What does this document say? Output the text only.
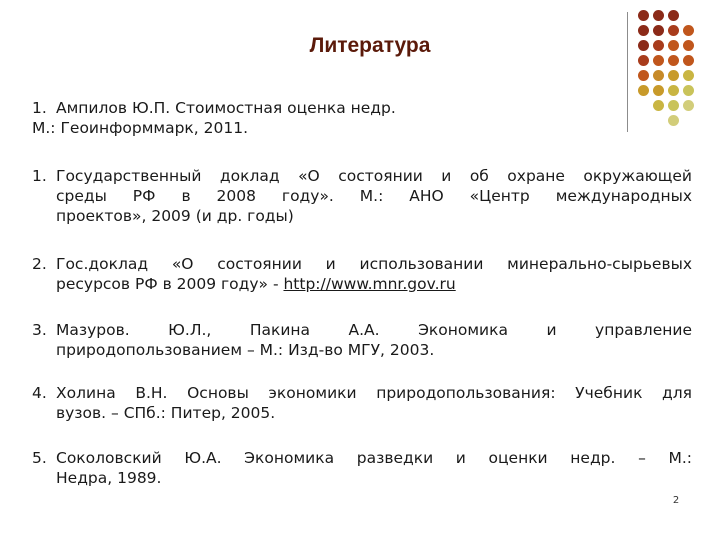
Литература
1. Ампилов Ю.П. Стоимостная оценка недр.
М.: Геоинформмарк, 2011.
1. Государственный доклад «О состоянии и об охране окружающей
среды РФ в 2008 году». М.: АНО «Центр международных
проектов», 2009 (и др. годы)
2. Гос.доклад «О состоянии и использовании минерально-сырьевых
ресурсов РФ в 2009 году» - http://www.mnr.gov.ru
3. Мазуров. Ю.Л., Пакина А.А. Экономика и управление
природопользованием – М.: Изд-во МГУ, 2003.
4. Холина В.Н. Основы экономики природопользования: Учебник для
вузов. – СПб.: Питер, 2005.
5. Соколовский Ю.А. Экономика разведки и оценки недр. – М.:
Недра, 1989.
2
